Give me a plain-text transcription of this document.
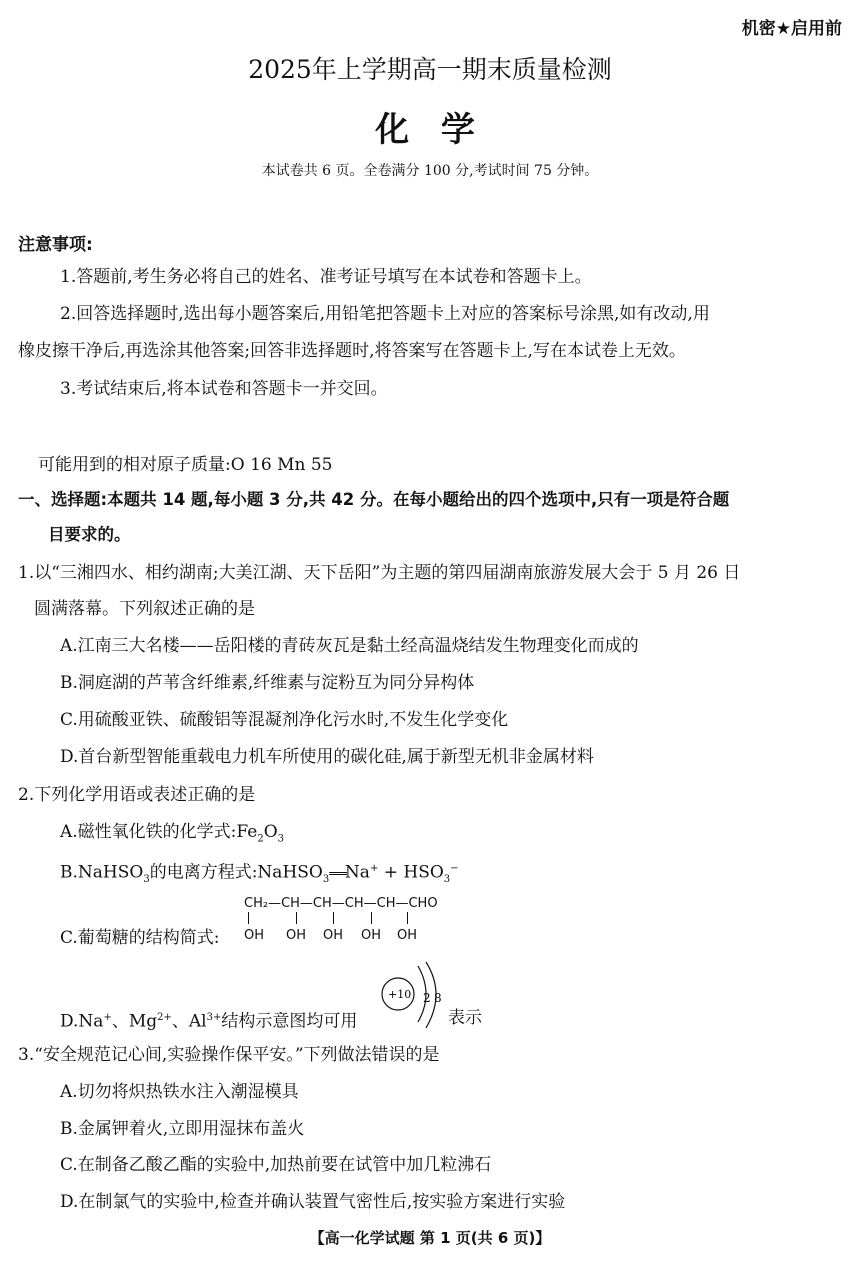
机密★启用前
2025年上学期高一期末质量检测
化 学
本试卷共 6 页。全卷满分 100 分,考试时间 75 分钟。
注意事项:
1.答题前,考生务必将自己的姓名、准考证号填写在本试卷和答题卡上。
2.回答选择题时,选出每小题答案后,用铅笔把答题卡上对应的答案标号涂黑,如有改动,用
橡皮擦干净后,再选涂其他答案;回答非选择题时,将答案写在答题卡上,写在本试卷上无效。
3.考试结束后,将本试卷和答题卡一并交回。
可能用到的相对原子质量:O 16 Mn 55
一、选择题:本题共 14 题,每小题 3 分,共 42 分。在每小题给出的四个选项中,只有一项是符合题
目要求的。
1.以“三湘四水、相约湖南;大美江湖、天下岳阳”为主题的第四届湖南旅游发展大会于 5 月 26 日
圆满落幕。下列叙述正确的是
A.江南三大名楼——岳阳楼的青砖灰瓦是黏土经高温烧结发生物理变化而成的
B.洞庭湖的芦苇含纤维素,纤维素与淀粉互为同分异构体
C.用硫酸亚铁、硫酸铝等混凝剂净化污水时,不发生化学变化
D.首台新型智能重载电力机车所使用的碳化硅,属于新型无机非金属材料
2.下列化学用语或表述正确的是
A.磁性氧化铁的化学式$:Fe_2O_3$
B.NaHSO$_3$的电离方程式:NaHSO$_3$═══Na+ + $HSO_3^-$
CH₂—CH—CH—CH—CH—CHO
C.葡萄糖的结构简式:	OH OH OH OH OH
D.Na+、$Mg^{2+}$、$Al^{3+}$结构示意图均可用
+10 2 8
表示
3.“安全规范记心间,实验操作保平安。”下列做法错误的是
A.切勿将炽热铁水注入潮湿模具
B.金属钾着火,立即用湿抹布盖火
C.在制备乙酸乙酯的实验中,加热前要在试管中加几粒沸石
D.在制氯气的实验中,检查并确认装置气密性后,按实验方案进行实验
【高一化学试题 第 1 页(共 6 页)】
